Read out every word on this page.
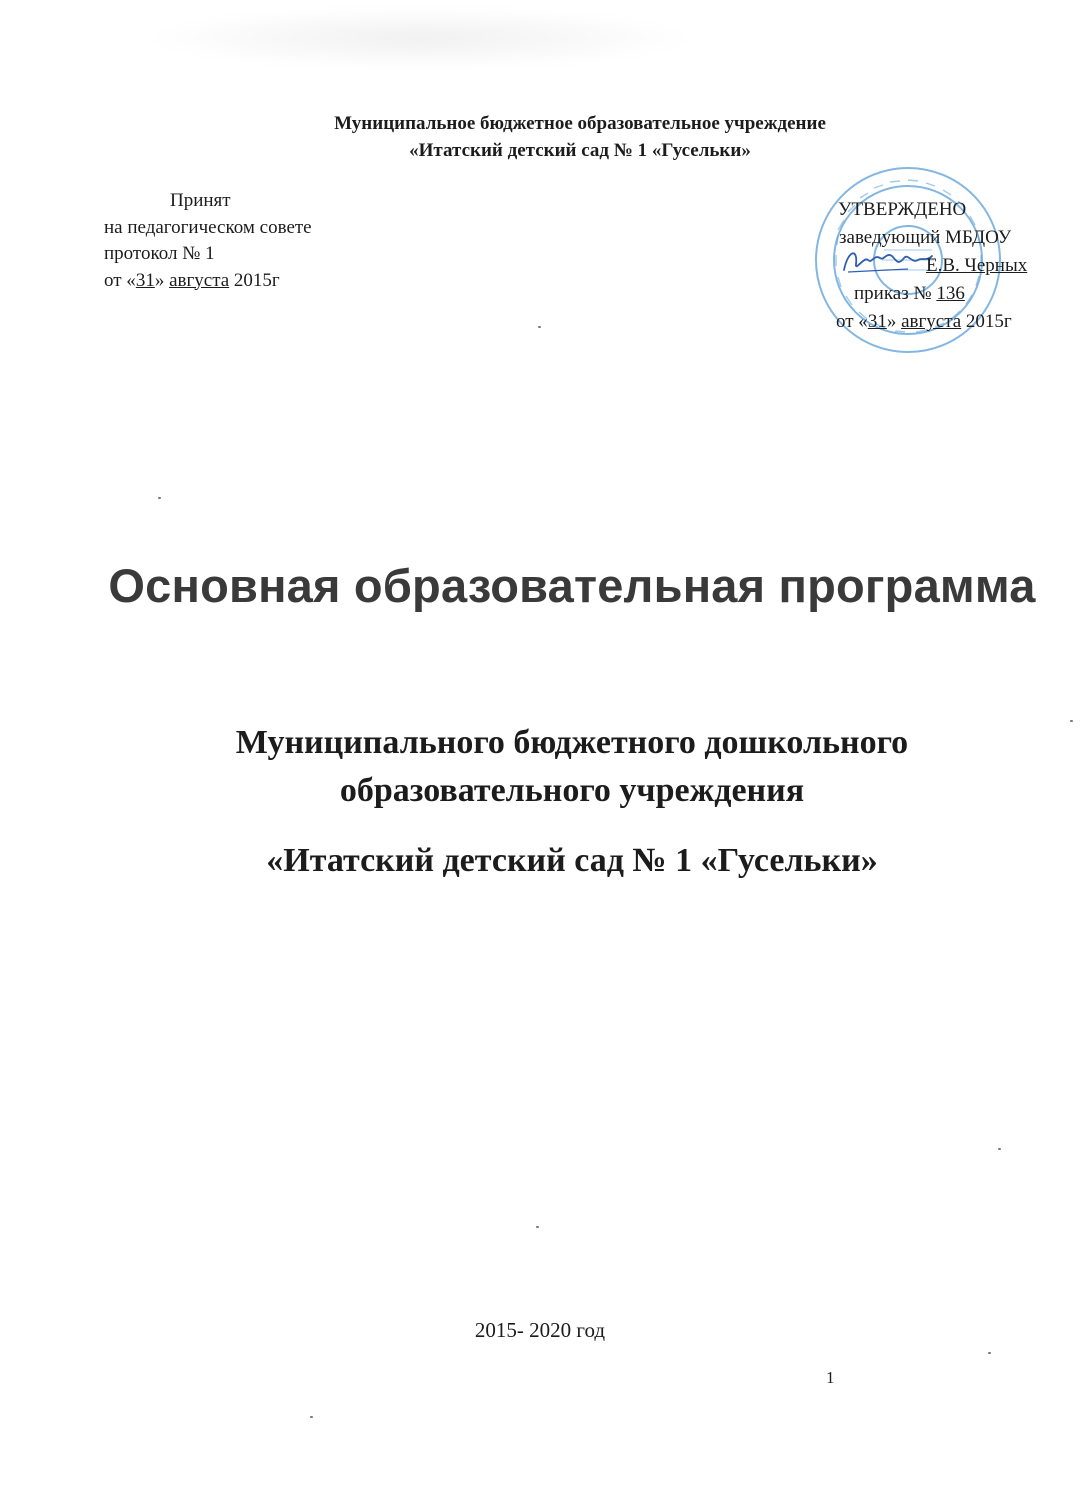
Муниципальное бюджетное образовательное учреждение
«Итатский детский сад № 1 «Гусельки»
Принят
на педагогическом совете
протокол № 1
от «31» августа 2015г
УТВЕРЖДЕНО
заведующий МБДОУ
Е.В. Черных
приказ № 136
от «31» августа 2015г
Основная образовательная программа
Муниципального бюджетного дошкольного
образовательного учреждения
«Итатский детский сад № 1 «Гусельки»
2015- 2020 год
1
